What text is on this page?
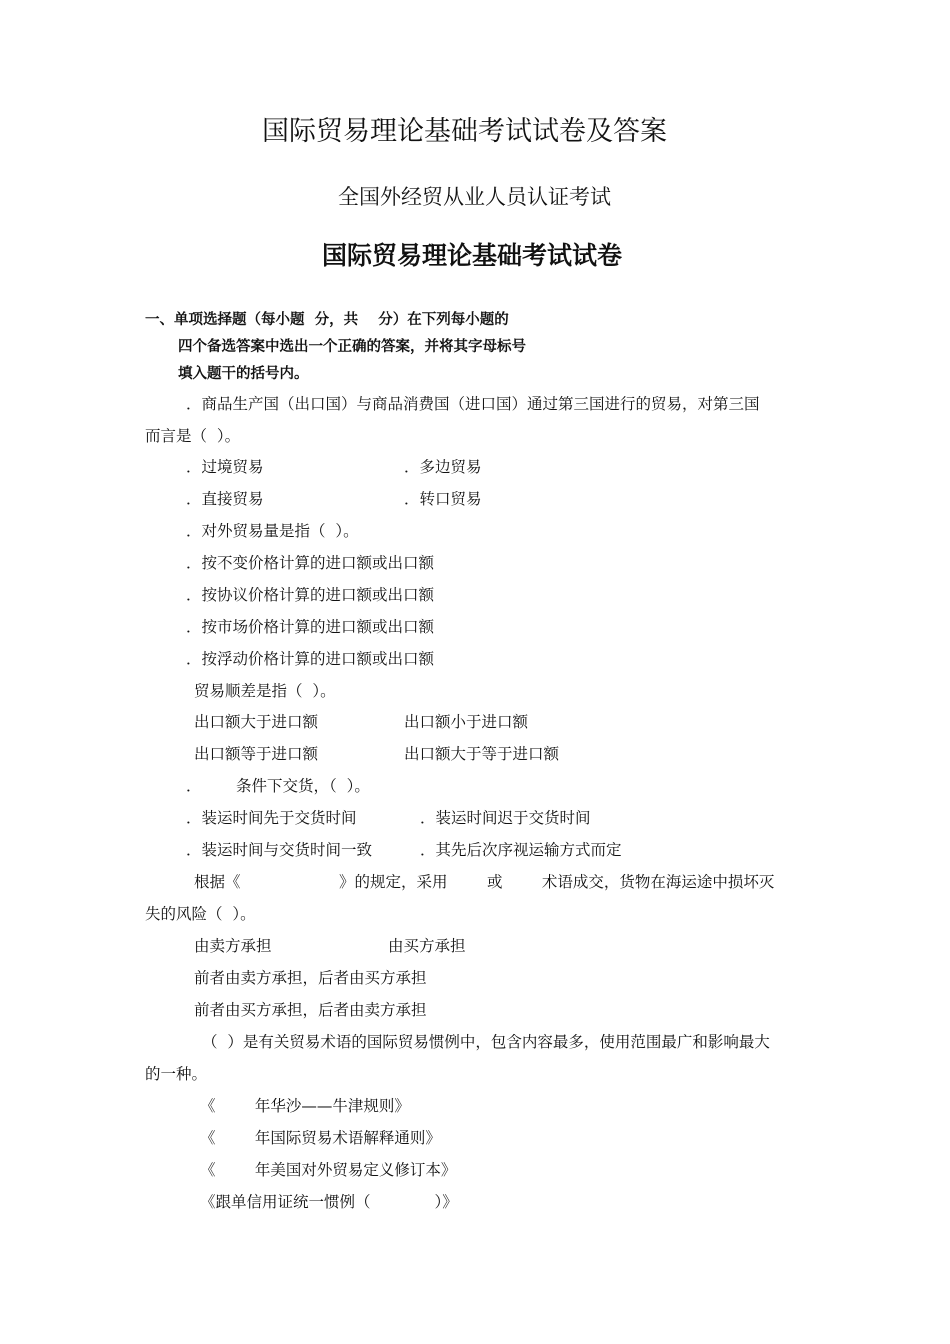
国际贸易理论基础考试试卷及答案
全国外经贸从业人员认证考试
国际贸易理论基础考试试卷
一、单项选择题（每小题  分，共    分）在下列每小题的
四个备选答案中选出一个正确的答案，并将其字母标号
填入题干的括号内。
．商品生产国（出口国）与商品消费国（进口国）通过第三国进行的贸易，对第三国
而言是（  ）。
．过境贸易	．多边贸易
．直接贸易	．转口贸易
．对外贸易量是指（  ）。
．按不变价格计算的进口额或出口额
．按协议价格计算的进口额或出口额
．按市场价格计算的进口额或出口额
．按浮动价格计算的进口额或出口额
贸易顺差是指（  ）。
出口额大于进口额	出口额小于进口额
出口额等于进口额	出口额大于等于进口额
．       条件下交货，（  ）。
．装运时间先于交货时间	．装运时间迟于交货时间
．装运时间与交货时间一致	．其先后次序视运输方式而定
根据《                    》的规定，采用        或        术语成交，货物在海运途中损坏灭
失的风险（  ）。
由卖方承担	由买方承担
前者由卖方承担，后者由买方承担
前者由买方承担，后者由卖方承担
（  ）是有关贸易术语的国际贸易惯例中，包含内容最多，使用范围最广和影响最大
的一种。
《        年华沙——牛津规则》
《        年国际贸易术语解释通则》
《        年美国对外贸易定义修订本》
《跟单信用证统一惯例（             ）》
